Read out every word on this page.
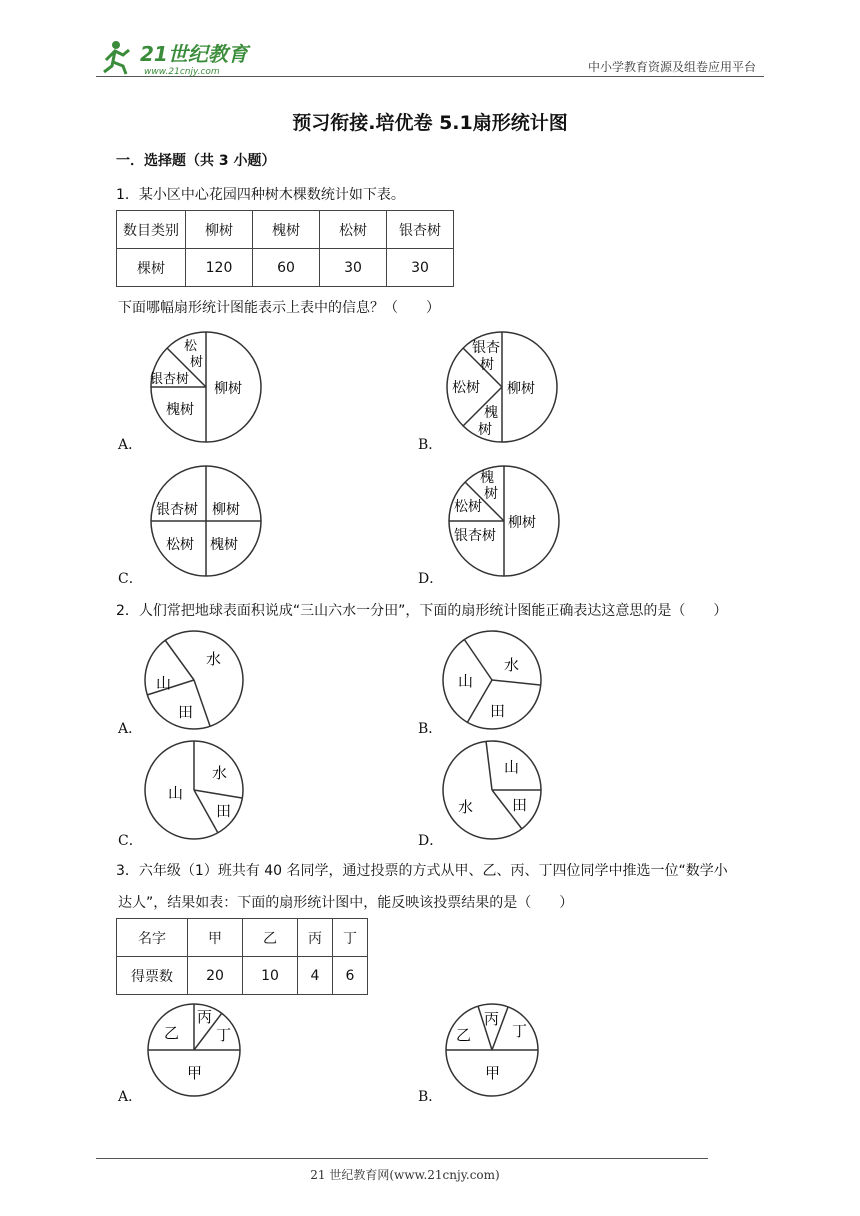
21世纪教育
www.21cnjy.com	中小学教育资源及组卷应用平台
预习衔接.培优卷 5.1扇形统计图
一．选择题（共 3 小题）
1．某小区中心花园四种树木棵数统计如下表。
数目类别	柳树	槐树	松树	银杏树
棵树	120	60	30	30
下面哪幅扇形统计图能表示上表中的信息？（　　）
柳树
槐树
银杏树
松
树
A．
柳树
松树
银杏
树
槐
树
B．
柳树
银杏树
松树 槐树
C．
柳树
银杏树
松树
槐
树
D．
2．人们常把地球表面积说成“三山六水一分田”，下面的扇形统计图能正确表达这意思的是（　　）
水
山
田
A．
水
山
田
B．
山
水
田
C．
山
水	田
D．
3．六年级（1）班共有 40 名同学，通过投票的方式从甲、乙、丙、丁四位同学中推选一位“数学小
达人”，结果如表：下面的扇形统计图中，能反映该投票结果的是（　　）
名字	甲	乙	丙	丁
得票数	20	10	4	6
乙
丙
丁
甲
A．
乙
丙
丁
甲
B．
21 世纪教育网(www.21cnjy.com)
